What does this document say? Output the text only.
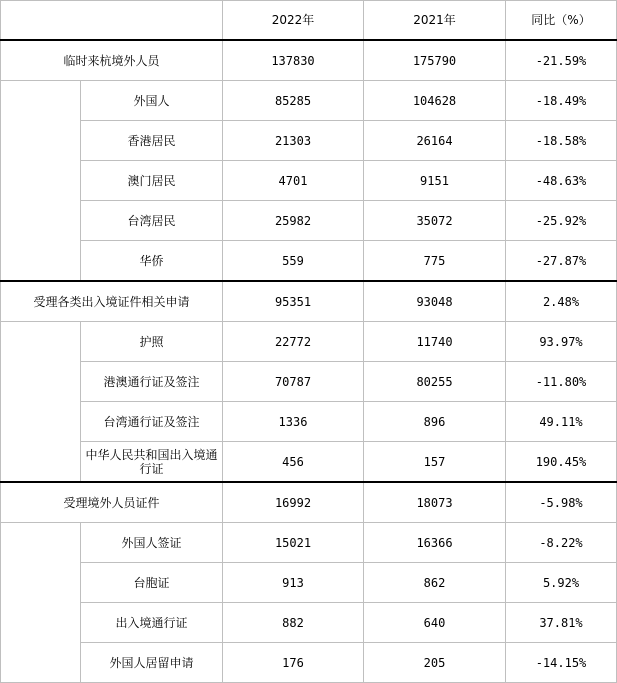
		2022年	2021年	同比（%）
临时来杭境外人员		137830	175790	-21.59%
	外国人	85285	104628	-18.49%
	香港居民	21303	26164	-18.58%
	澳门居民	4701	9151	-48.63%
	台湾居民	25982	35072	-25.92%
	华侨	559	775	-27.87%
受理各类出入境证件相关申请		95351	93048	2.48%
	护照	22772	11740	93.97%
	港澳通行证及签注	70787	80255	-11.80%
	台湾通行证及签注	1336	896	49.11%
	中华人民共和国出入境通行证	456	157	190.45%
受理境外人员证件		16992	18073	-5.98%
	外国人签证	15021	16366	-8.22%
	台胞证	913	862	5.92%
	出入境通行证	882	640	37.81%
	外国人居留申请	176	205	-14.15%
